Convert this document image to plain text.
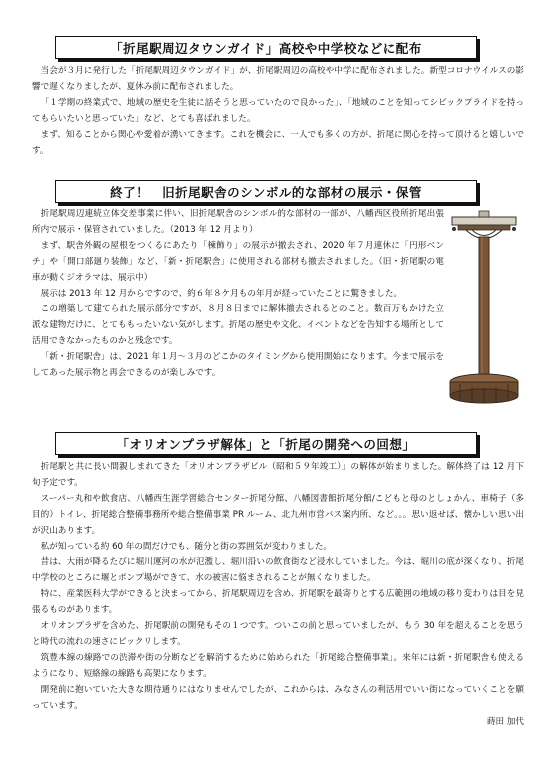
「折尾駅周辺タウンガイド」高校や中学校などに配布

当会が３月に発行した「折尾駅周辺タウンガイド」が、折尾駅周辺の高校や中学に配布されました。新型コロナウイルスの影響で遅くなりましたが、夏休み前に配布されました。

「１学期の終業式で、地域の歴史を生徒に話そうと思っていたので良かった」、「地域のことを知ってシビックプライドを持ってもらいたいと思っていた」など、とても喜ばれました。

まず、知ることから関心や愛着が湧いてきます。これを機会に、一人でも多くの方が、折尾に関心を持って頂けると嬉しいです。

終了！　旧折尾駅舎のシンボル的な部材の展示・保管

折尾駅周辺連続立体交差事業に伴い、旧折尾駅舎のシンボル的な部材の一部が、八幡西区役所折尾出張所内で展示・保管されていました。（2013 年 12 月より）

まず、駅舎外観の屋根をつくるにあたり「棟飾り」の展示が撤去され、2020 年７月連休に「円形ベンチ」や「開口部廻り装飾」など、「新・折尾駅舎」に使用される部材も撤去されました。（旧・折尾駅の電車が動くジオラマは、展示中）

展示は 2013 年 12 月からですので、約６年８ケ月もの年月が経っていたことに驚きました。

この増築して建てられた展示部分ですが、８月８日までに解体撤去されるとのこと。数百万もかけた立派な建物だけに、とてももったいない気がします。折尾の歴史や文化、イベントなどを告知する場所として活用できなかったものかと残念です。

「新・折尾駅舎」は、2021 年１月～３月のどこかのタイミングから使用開始になります。今まで展示をしてあった展示物と再会できるのが楽しみです。

「オリオンプラザ解体」と「折尾の開発への回想」

折尾駅と共に長い間親しまれてきた「オリオンプラザビル（昭和５９年竣工）」の解体が始まりました。解体終了は 12 月下旬予定です。

スーパー丸和や飲食店、八幡西生涯学習総合センター折尾分館、八幡図書館折尾分館/こどもと母のとしょかん、車椅子（多目的）トイレ、折尾総合整備事務所や総合整備事業 PR ルーム、北九州市営バス案内所、など。。。思い返せば、懐かしい思い出が沢山あります。

私が知っている約 60 年の間だけでも、随分と街の雰囲気が変わりました。

昔は、大雨が降るたびに堀川運河の水が氾濫し、堀川沿いの飲食街など浸水していました。今は、堀川の底が深くなり、折尾中学校のところに堰とポンプ場ができて、水の被害に悩まされることが無くなりました。

特に、産業医科大学ができると決まってから、折尾駅周辺を含め、折尾駅を最寄りとする広範囲の地域の移り変わりは目を見張るものがあります。

オリオンプラザを含めた、折尾駅前の開発もその１つです。ついこの前と思っていましたが、もう 30 年を超えることを思うと時代の流れの速さにビックリします。

筑豊本線の線路での渋滞や街の分断などを解消するために始められた「折尾総合整備事業」。来年には新・折尾駅舎も使えるようになり、短絡線の線路も高架になります。

開発前に抱いていた大きな期待通りにはなりませんでしたが、これからは、みなさんの利活用でいい街になっていくことを願っています。

蒔田 加代
